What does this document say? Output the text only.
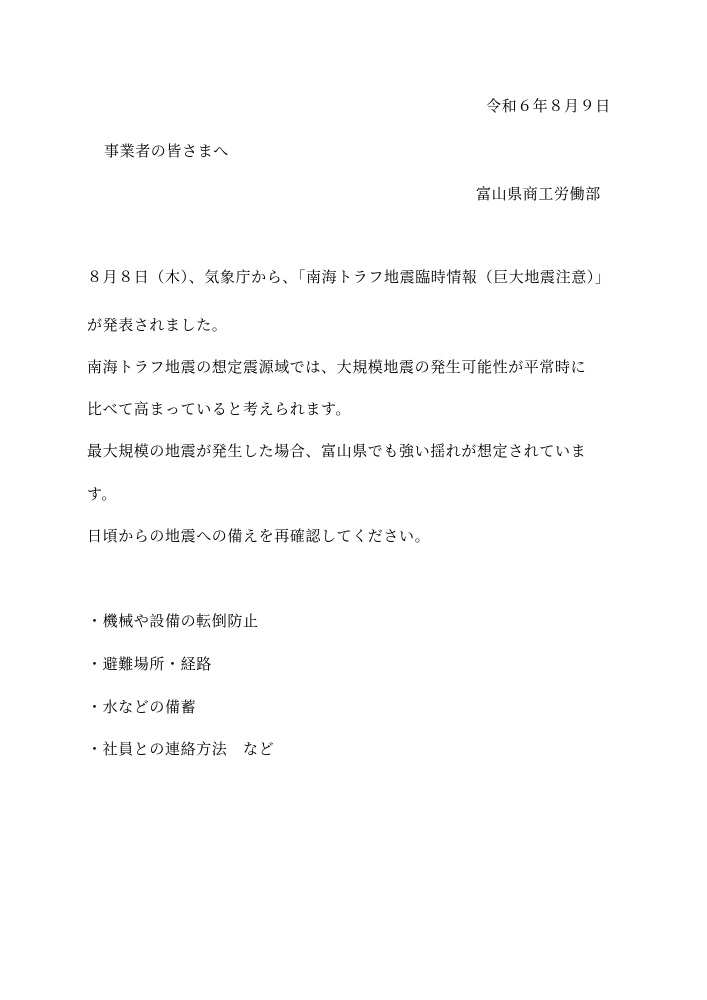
令和６年８月９日
事業者の皆さまへ
富山県商工労働部
８月８日（木）、気象庁から、「南海トラフ地震臨時情報（巨大地震注意）」
が発表されました。
南海トラフ地震の想定震源域では、大規模地震の発生可能性が平常時に
比べて高まっていると考えられます。
最大規模の地震が発生した場合、富山県でも強い揺れが想定されていま
す。
日頃からの地震への備えを再確認してください。
・機械や設備の転倒防止
・避難場所・経路
・水などの備蓄
・社員との連絡方法　など
